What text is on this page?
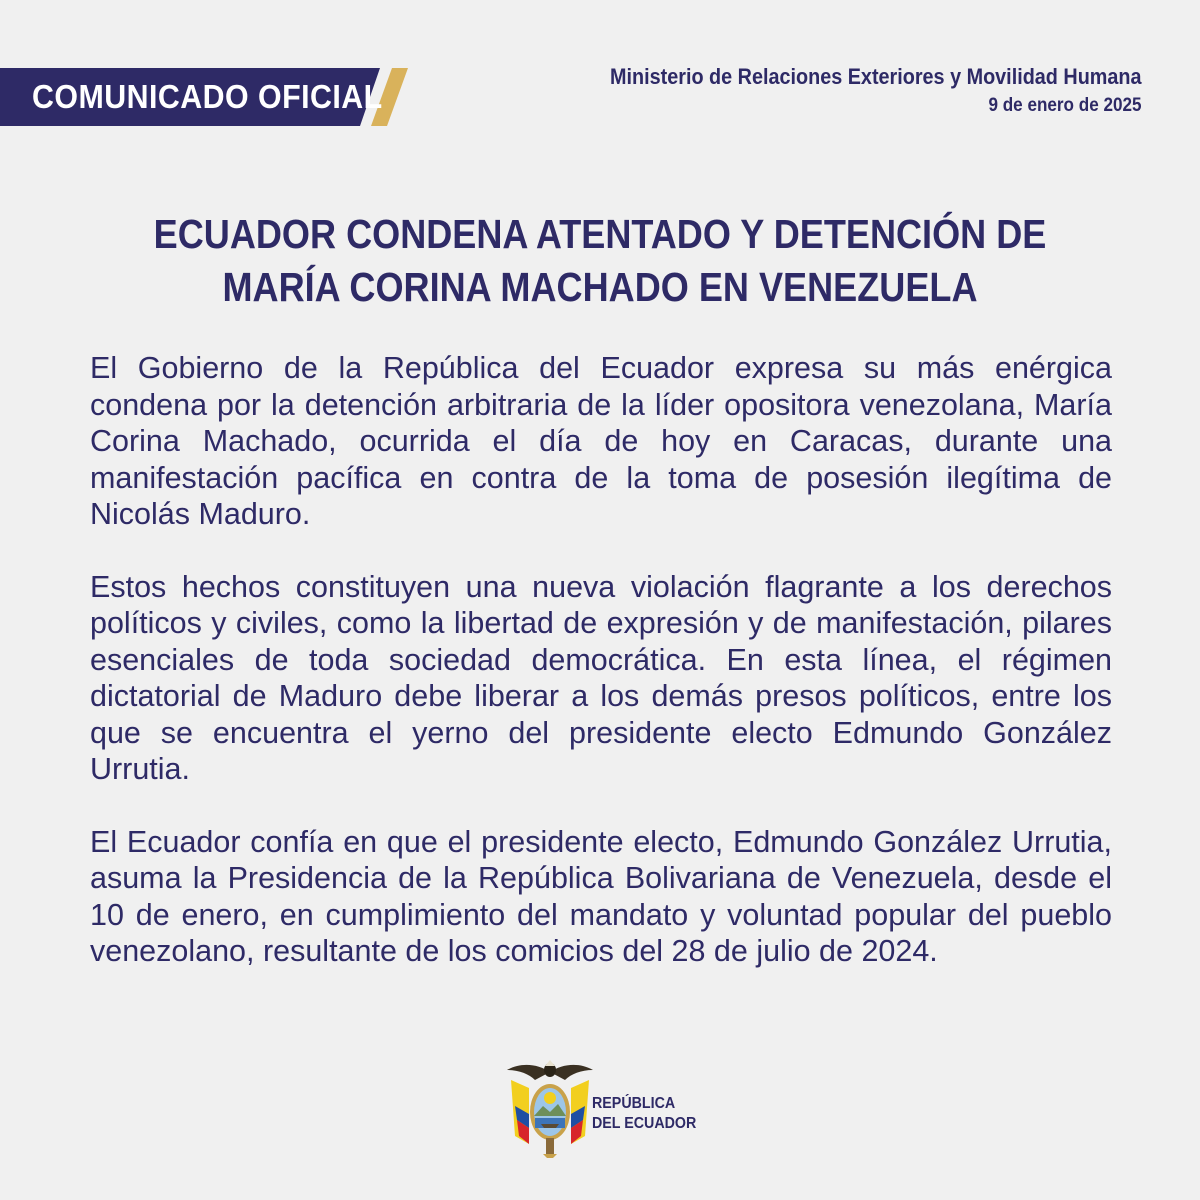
COMUNICADO OFICIAL
Ministerio de Relaciones Exteriores y Movilidad Humana
9 de enero de 2025
ECUADOR CONDENA ATENTADO Y DETENCIÓN DE
MARÍA CORINA MACHADO EN VENEZUELA

El Gobierno de la República del Ecuador expresa su más enérgica condena por la detención arbitraria de la líder opositora venezolana, María Corina Machado, ocurrida el día de hoy en Caracas, durante una manifestación pacífica en contra de la toma de posesión ilegítima de Nicolás Maduro.

Estos hechos constituyen una nueva violación flagrante a los derechos políticos y civiles, como la libertad de expresión y de manifestación, pilares esenciales de toda sociedad democrática. En esta línea, el régimen dictatorial de Maduro debe liberar a los demás presos políticos, entre los que se encuentra el yerno del presidente electo Edmundo González Urrutia.

El Ecuador confía en que el presidente electo, Edmundo González Urrutia, asuma la Presidencia de la República Bolivariana de Venezuela, desde el 10 de enero, en cumplimiento del mandato y voluntad popular del pueblo venezolano, resultante de los comicios del 28 de julio de 2024.

REPÚBLICA
DEL ECUADOR
